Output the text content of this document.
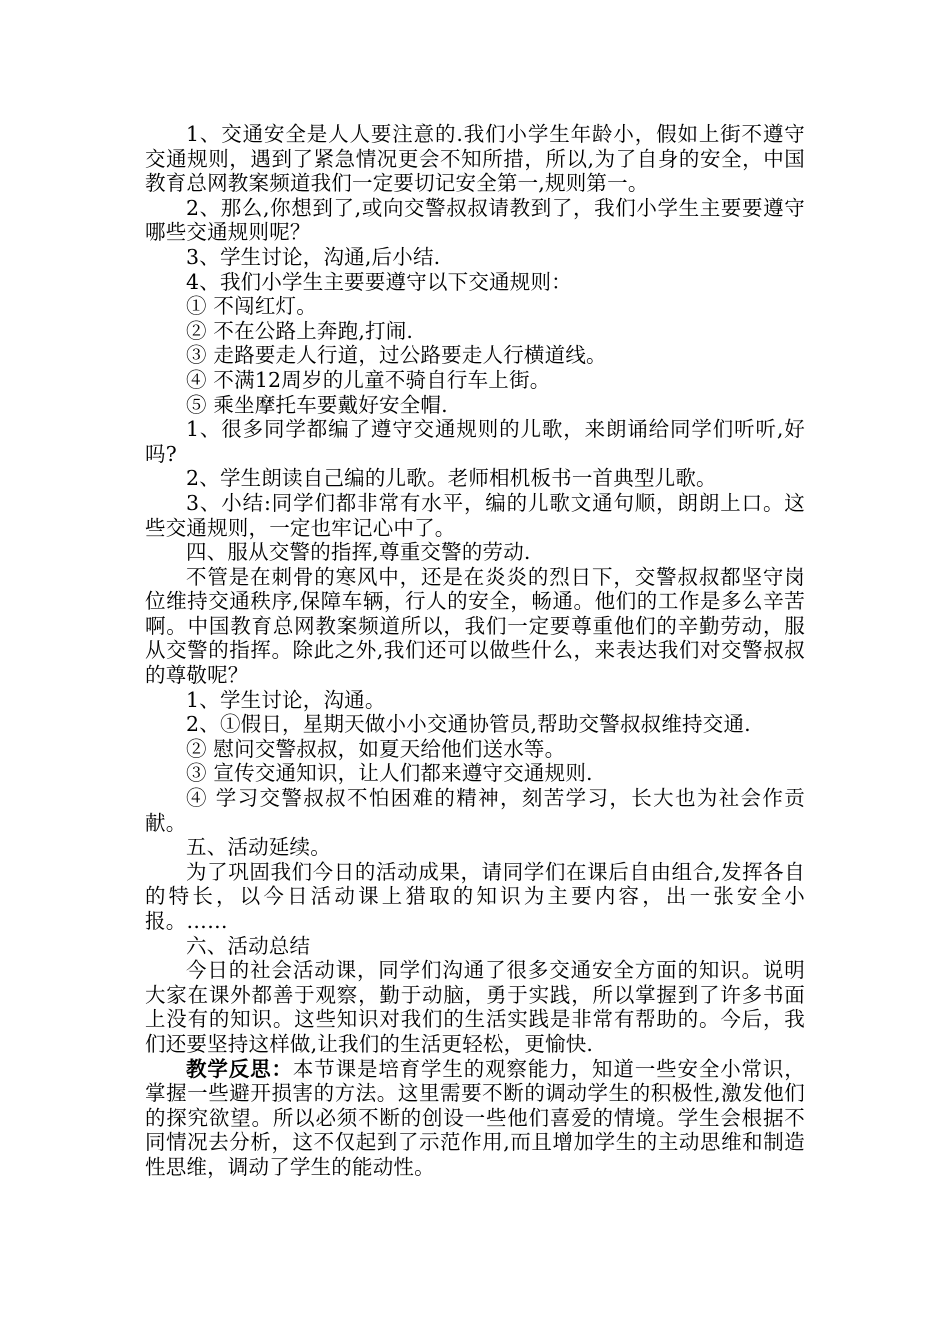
1、交通安全是人人要注意的.我们小学生年龄小，假如上街不遵守交通规则，遇到了紧急情况更会不知所措，所以,为了自身的安全，中国教育总网教案频道我们一定要切记安全第一,规则第一。

2、那么,你想到了,或向交警叔叔请教到了，我们小学生主要要遵守哪些交通规则呢？

3、学生讨论，沟通,后小结.

4、我们小学生主要要遵守以下交通规则：

① 不闯红灯。

② 不在公路上奔跑,打闹.

③ 走路要走人行道，过公路要走人行横道线。

④ 不满12周岁的儿童不骑自行车上街。

⑤ 乘坐摩托车要戴好安全帽.

1、很多同学都编了遵守交通规则的儿歌，来朗诵给同学们听听,好吗?

2、学生朗读自己编的儿歌。老师相机板书一首典型儿歌。

3、小结:同学们都非常有水平，编的儿歌文通句顺，朗朗上口。这些交通规则，一定也牢记心中了。

四、服从交警的指挥,尊重交警的劳动.

不管是在刺骨的寒风中，还是在炎炎的烈日下，交警叔叔都坚守岗位维持交通秩序,保障车辆，行人的安全，畅通。他们的工作是多么辛苦啊。中国教育总网教案频道所以，我们一定要尊重他们的辛勤劳动，服从交警的指挥。除此之外,我们还可以做些什么，来表达我们对交警叔叔的尊敬呢？

1、学生讨论，沟通。

2、①假日，星期天做小小交通协管员,帮助交警叔叔维持交通.

② 慰问交警叔叔，如夏天给他们送水等。

③ 宣传交通知识，让人们都来遵守交通规则.

④ 学习交警叔叔不怕困难的精神，刻苦学习，长大也为社会作贡献。

五、活动延续。

为了巩固我们今日的活动成果，请同学们在课后自由组合,发挥各自的特长，以今日活动课上猎取的知识为主要内容，出一张安全小报。……

六、活动总结

今日的社会活动课，同学们沟通了很多交通安全方面的知识。说明大家在课外都善于观察，勤于动脑，勇于实践，所以掌握到了许多书面上没有的知识。这些知识对我们的生活实践是非常有帮助的。今后，我们还要坚持这样做,让我们的生活更轻松，更愉快.

教学反思：本节课是培育学生的观察能力，知道一些安全小常识，掌握一些避开损害的方法。这里需要不断的调动学生的积极性,激发他们的探究欲望。所以必须不断的创设一些他们喜爱的情境。学生会根据不同情况去分析，这不仅起到了示范作用,而且增加学生的主动思维和制造性思维，调动了学生的能动性。
